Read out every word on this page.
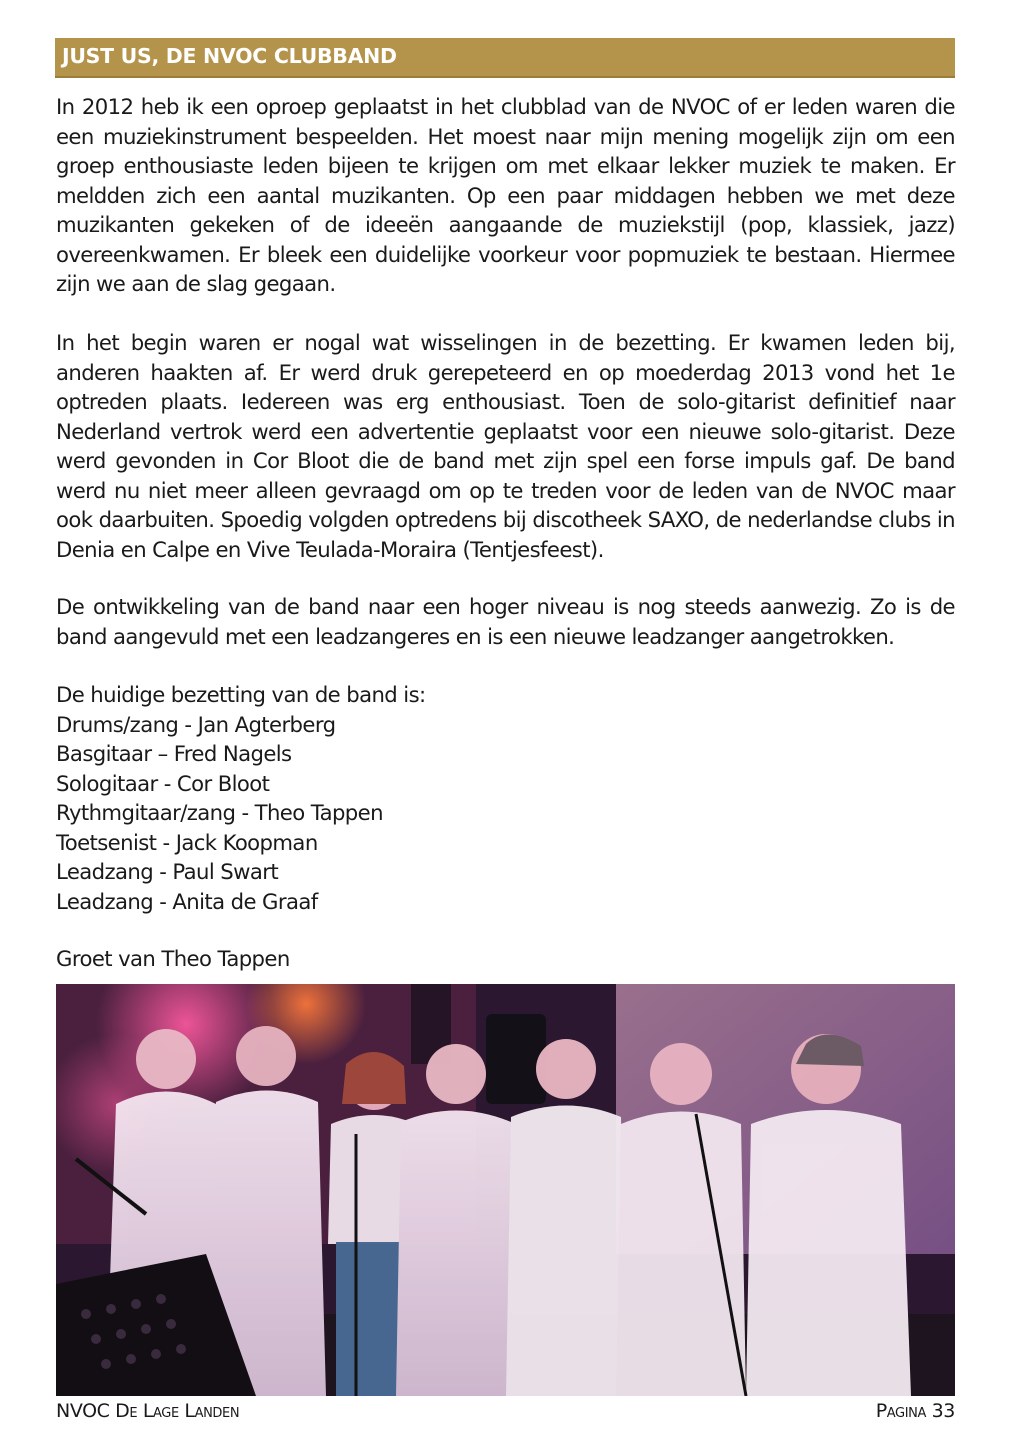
JUST US, DE NVOC CLUBBAND

In 2012 heb ik een oproep geplaatst in het clubblad van de NVOC of er leden waren die een muziekinstrument bespeelden. Het moest naar mijn mening mogelijk zijn om een groep enthousiaste leden bijeen te krijgen om met elkaar lekker muziek te maken. Er meldden zich een aantal muzikanten. Op een paar middagen hebben we met deze muzikanten gekeken of de ideeën aangaande de muziekstijl (pop, klassiek, jazz) overeenkwamen. Er bleek een duidelijke voorkeur voor popmuziek te bestaan. Hiermee zijn we aan de slag gegaan.

In het begin waren er nogal wat wisselingen in de bezetting. Er kwamen leden bij, anderen haakten af. Er werd druk gerepeteerd en op moederdag 2013 vond het 1e optreden plaats. Iedereen was erg enthousiast. Toen de solo-gitarist definitief naar Nederland vertrok werd een advertentie geplaatst voor een nieuwe solo-gitarist. Deze werd gevonden in Cor Bloot die de band met zijn spel een forse impuls gaf. De band werd nu niet meer alleen gevraagd om op te treden voor de leden van de NVOC maar ook daarbuiten. Spoedig volgden optredens bij discotheek SAXO, de nederlandse clubs in Denia en Calpe en Vive Teulada-Moraira (Tentjesfeest).

De ontwikkeling van de band naar een hoger niveau is nog steeds aanwezig. Zo is de band aangevuld met een leadzangeres en is een nieuwe leadzanger aangetrokken.

De huidige bezetting van de band is:
Drums/zang - Jan Agterberg
Basgitaar – Fred Nagels
Sologitaar - Cor Bloot
Rythmgitaar/zang - Theo Tappen
Toetsenist - Jack Koopman
Leadzang - Paul Swart
Leadzang - Anita de Graaf
Groet van Theo Tappen
NVOC De Lage Landen	Pagina 33
